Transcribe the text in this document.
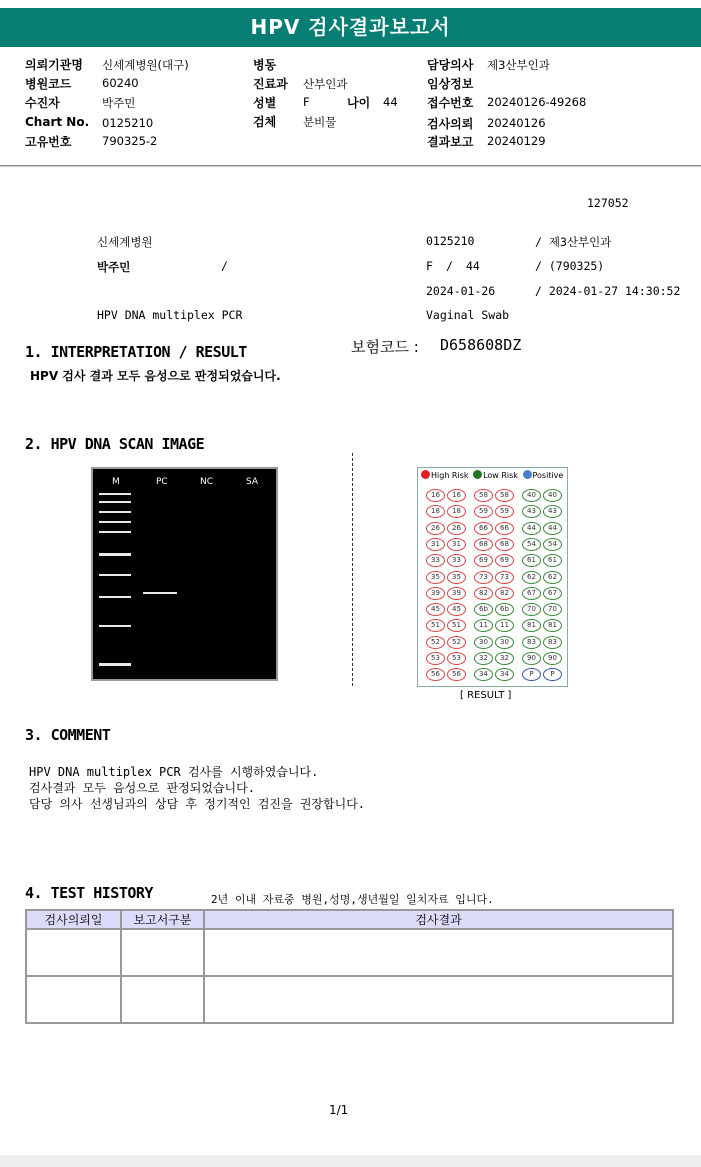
HPV 검사결과보고서
의뢰기관명 신세계병원(대구)
병원코드	60240
수진자	박주민
Chart No. 0125210
고유번호	790325-2
병동
진료과 산부인과
성별 F	나이 44
검체 분비물
담당의사 제3산부인과
임상정보
접수번호 20240126-49268
검사의뢰 20240126
결과보고 20240129
127052
신세계병원	0125210	/ 제3산부인과
박주민	/	F / 44	/ (790325)
2024-01-26	/ 2024-01-27 14:30:52
HPV DNA multiplex PCR	Vaginal Swab
보험코드 : D658608DZ
1. INTERPRETATION / RESULT
HPV 검사 결과 모두 음성으로 판정되었습니다.
2. HPV DNA SCAN IMAGE
M	PC	NC	SA
High Risk Low Risk Positive
16	16
18	18
26	26
31	31
33	33
35	35
39	39
45	45
51	51
52	52
53	53
56	56
58	58
59	59
66	66
68	68
69	69
73	73
82	82
6b	6b
11	11
30	30
32	32
34	34
40	40
43	43
44	44
54	54
61	61
62	62
67	67
70	70
81	81
83	83
90	90
P	P
[ RESULT ]
3. COMMENT
HPV DNA multiplex PCR 검사를 시행하였습니다.
검사결과 모두 음성으로 판정되었습니다.
담당 의사 선생님과의 상담 후 정기적인 검진을 권장합니다.
4. TEST HISTORY	2년 이내 자료중 병원,성명,생년월일 일치자료 입니다.
검사의뢰일	보고서구분	검사결과

1/1
